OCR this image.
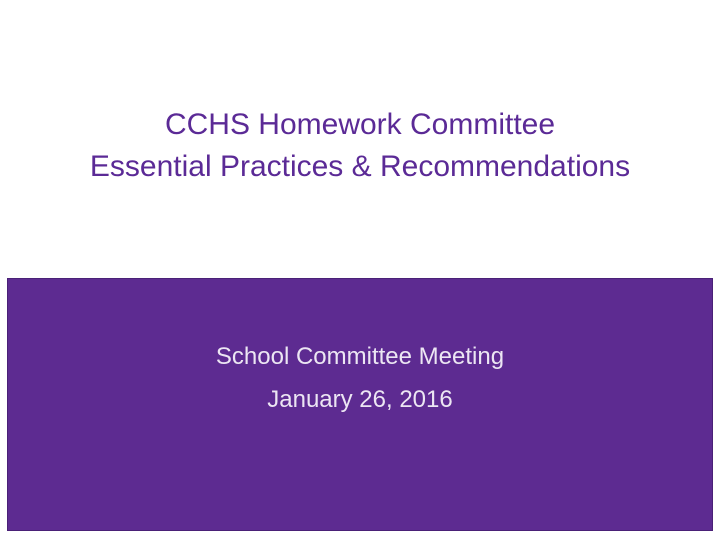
CCHS Homework Committee
Essential Practices & Recommendations
School Committee Meeting
January 26, 2016
